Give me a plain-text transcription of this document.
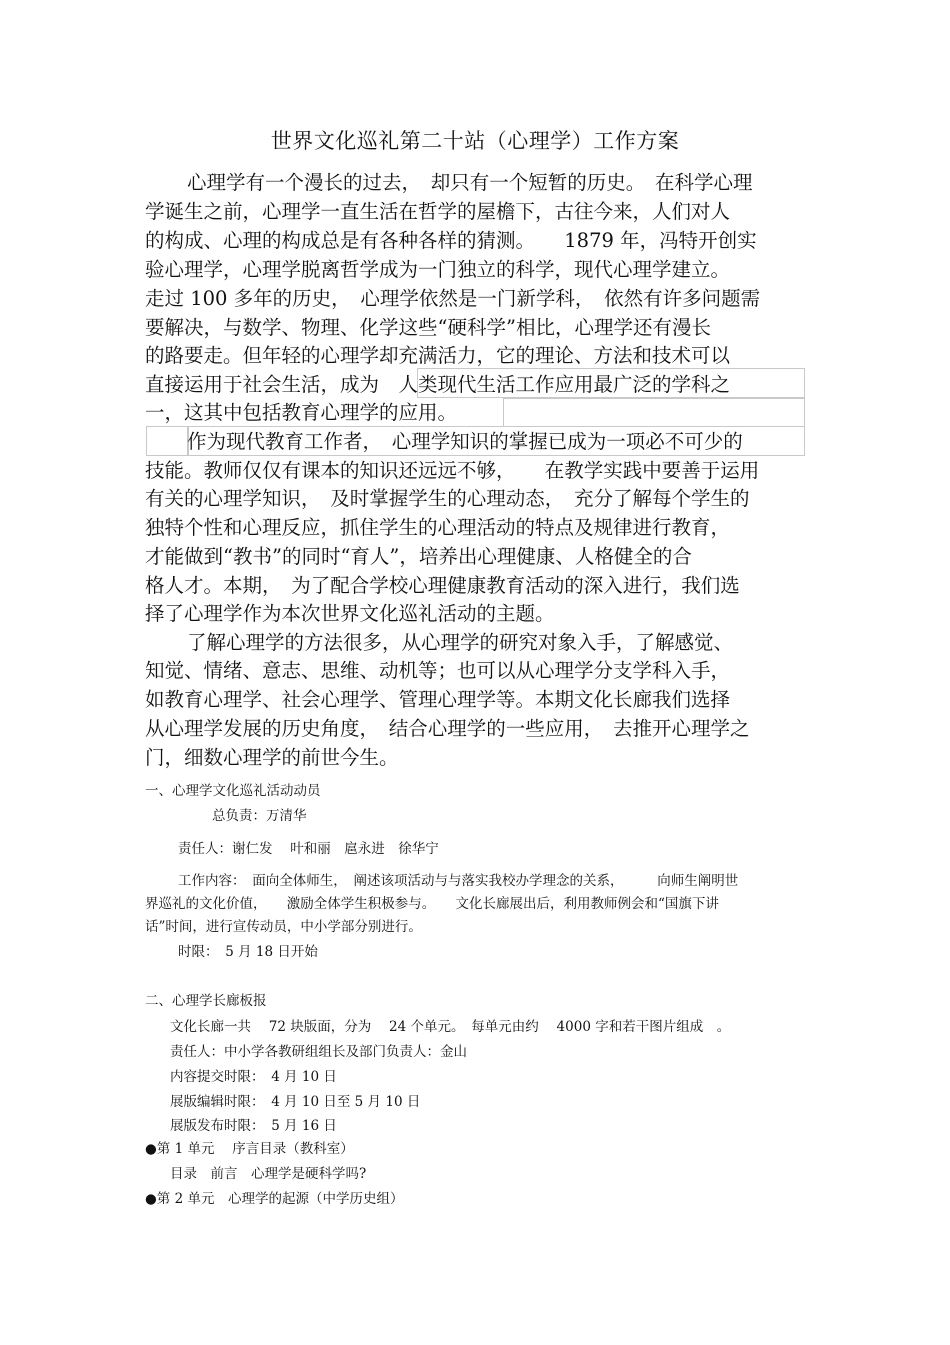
世界文化巡礼第二十站（心理学）工作方案
心理学有一个漫长的过去，　却只有一个短暂的历史。　在科学心理
学诞生之前，心理学一直生活在哲学的屋檐下，古往今来，人们对人
的构成、心理的构成总是有各种各样的猜测。　　1879 年，冯特开创实
验心理学，心理学脱离哲学成为一门独立的科学，现代心理学建立。
走过 100 多年的历史，　心理学依然是一门新学科，　依然有许多问题需
要解决，与数学、物理、化学这些“硬科学”相比，心理学还有漫长
的路要走。但年轻的心理学却充满活力，它的理论、方法和技术可以
直接运用于社会生活，成为　人类现代生活工作应用最广泛的学科之
一，这其中包括教育心理学的应用。
作为现代教育工作者，　心理学知识的掌握已成为一项必不可少的
技能。教师仅仅有课本的知识还远远不够，　　在教学实践中要善于运用
有关的心理学知识，　及时掌握学生的心理动态，　充分了解每个学生的
独特个性和心理反应，抓住学生的心理活动的特点及规律进行教育，
才能做到“教书”的同时“育人”，培养出心理健康、人格健全的合
格人才。本期，　为了配合学校心理健康教育活动的深入进行，我们选
择了心理学作为本次世界文化巡礼活动的主题。
了解心理学的方法很多，从心理学的研究对象入手，了解感觉、
知觉、情绪、意志、思维、动机等；也可以从心理学分支学科入手，
如教育心理学、社会心理学、管理心理学等。本期文化长廊我们选择
从心理学发展的历史角度，　结合心理学的一些应用，　去推开心理学之
门，细数心理学的前世今生。
一、心理学文化巡礼活动动员
总负责：万清华
责任人：谢仁发　 叶和丽　扈永进　徐华宁
工作内容：　面向全体师生，　阐述该项活动与与落实我校办学理念的关系，　　　向师生阐明世
界巡礼的文化价值，　　激励全体学生积极参与。　　文化长廊展出后，利用教师例会和“国旗下讲
话”时间，进行宣传动员，中小学部分别进行。
时限：　5 月 18 日开始
二、心理学长廊板报
文化长廊一共　 72 块版面，分为　 24 个单元。　每单元由约　 4000 字和若干图片组成　。
责任人：中小学各教研组组长及部门负责人：金山
内容提交时限：　4 月 10 日
展版编辑时限：　4 月 10 日至 5 月 10 日
展版发布时限：　5 月 16 日
●第 1 单元　 序言目录（教科室）
目录　前言　心理学是硬科学吗?
●第 2 单元　心理学的起源（中学历史组）
